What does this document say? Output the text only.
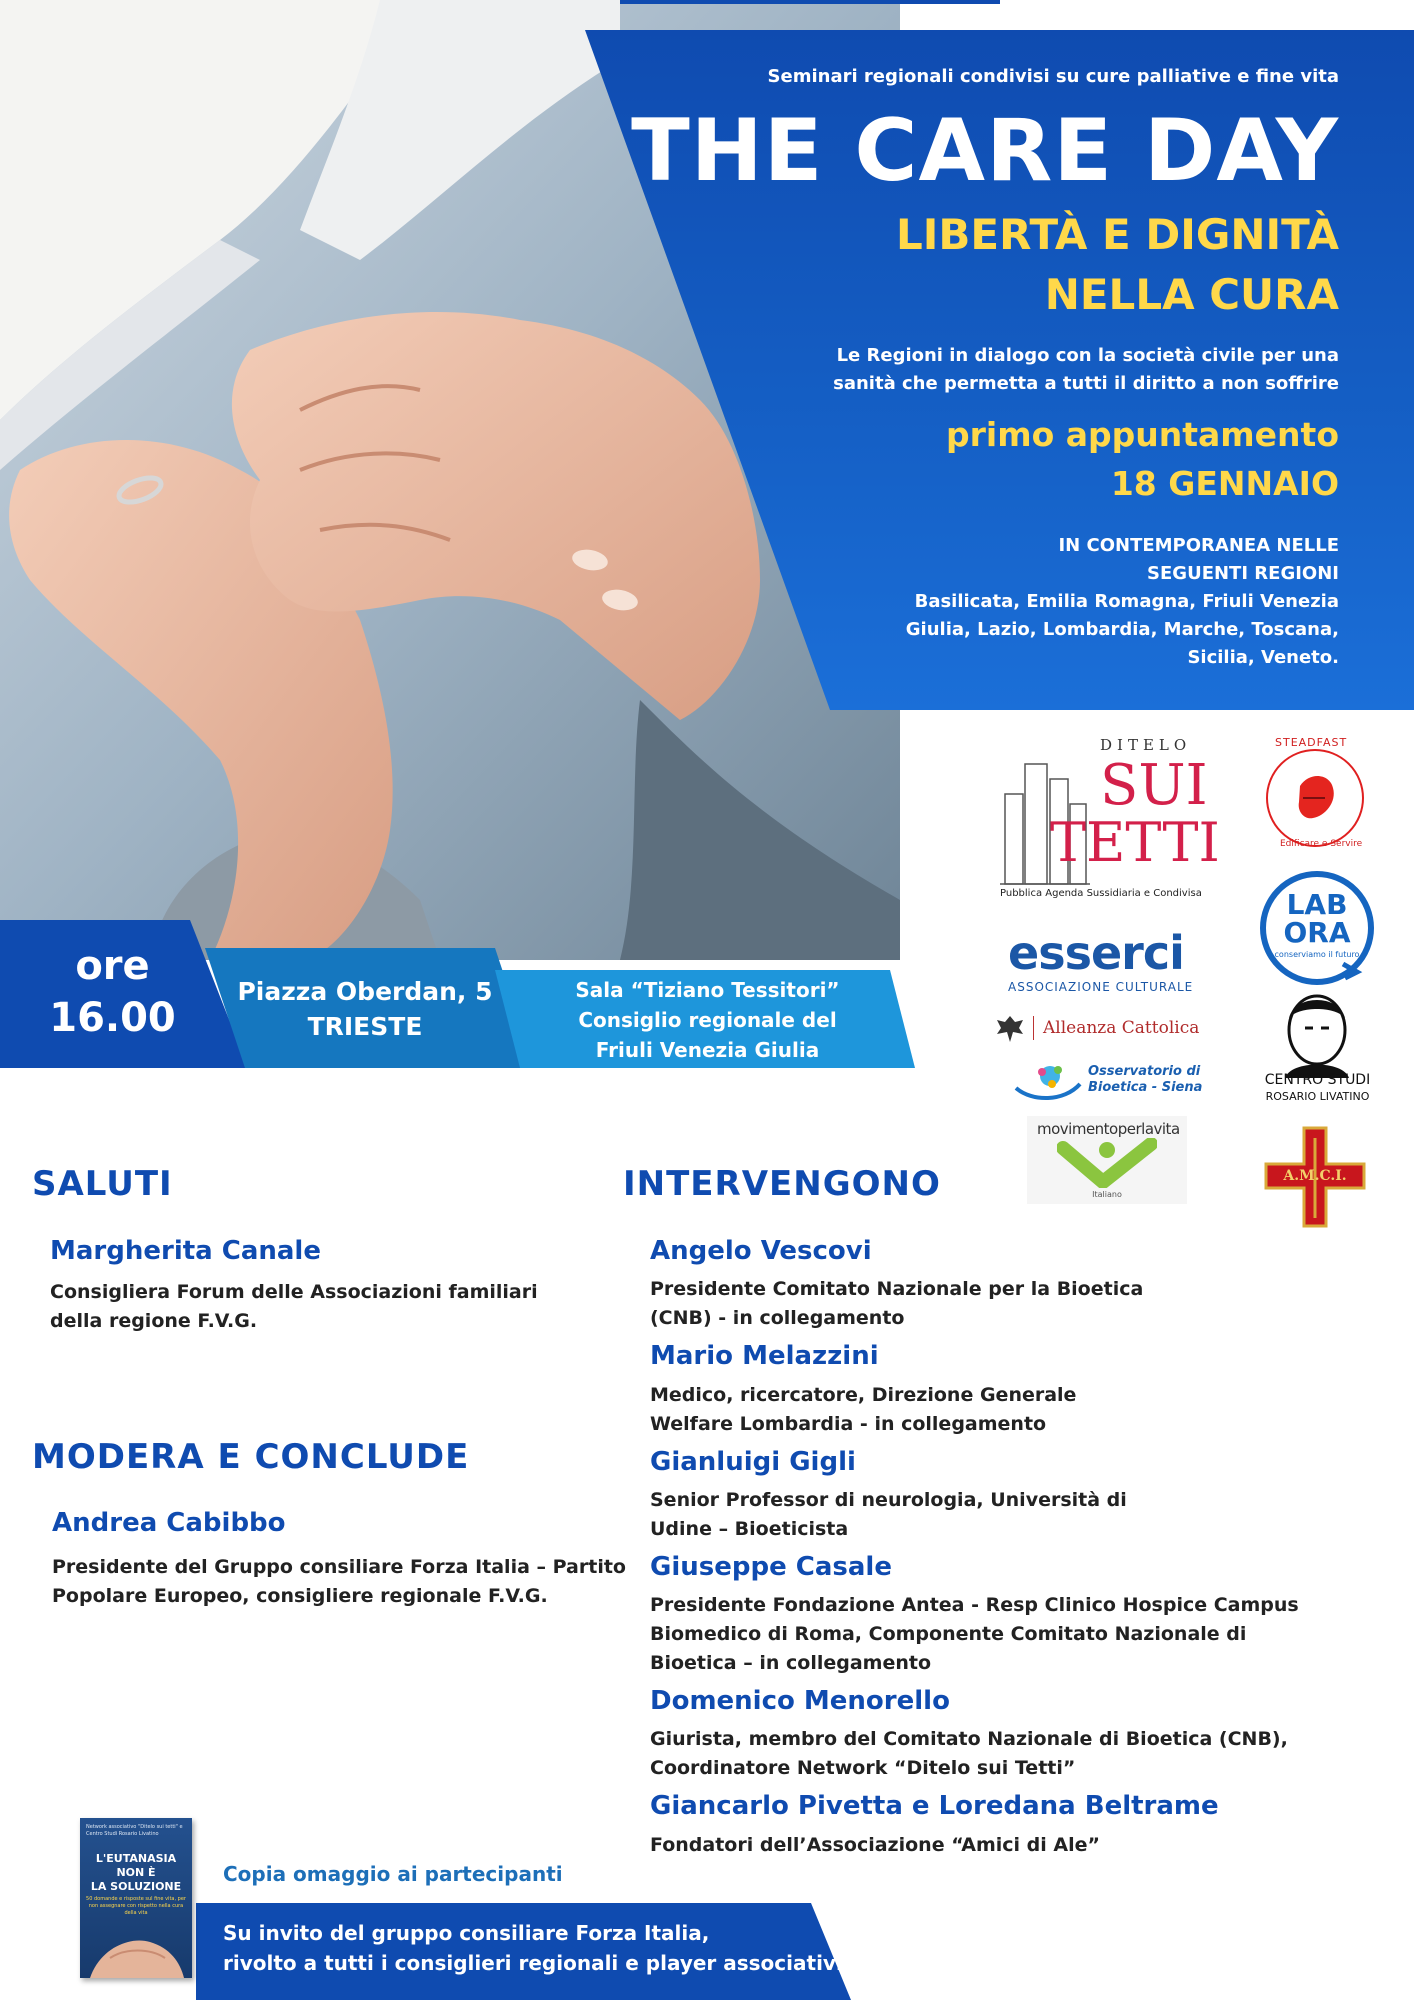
Seminari regionali condivisi su cure palliative e fine vita
THE CARE DAY
LIBERTÀ E DIGNITÀ
NELLA CURA
Le Regioni in dialogo con la società civile per una sanità che permetta a tutti il diritto a non soffrire
primo appuntamento
18 GENNAIO
IN CONTEMPORANEA NELLE SEGUENTI REGIONI
Basilicata, Emilia Romagna, Friuli Venezia Giulia, Lazio, Lombardia, Marche, Toscana, Sicilia, Veneto.
ore
16.00
Piazza Oberdan, 5
TRIESTE
Sala “Tiziano Tessitori”
Consiglio regionale del
Friuli Venezia Giulia
DITELO
SUI
TETTI
Pubblica Agenda Sussidiaria e Condivisa
STEADFAST
Edificare e Servire
LAB
ORA
conserviamo il futuro
esserci
ASSOCIAZIONE CULTURALE
Alleanza Cattolica
CENTRO STUDI
ROSARIO LIVATINO
Osservatorio di
Bioetica - Siena
movimentoperlavita
Italiano
A.M.C.I.
SALUTI
Margherita Canale
Consigliera Forum delle Associazioni familiari
della regione F.V.G.
MODERA E CONCLUDE
Andrea Cabibbo
Presidente del Gruppo consiliare Forza Italia – Partito
Popolare Europeo, consigliere regionale F.V.G.
INTERVENGONO
Angelo Vescovi
Presidente Comitato Nazionale per la Bioetica
(CNB) - in collegamento
Mario Melazzini
Medico, ricercatore, Direzione Generale
Welfare Lombardia - in collegamento
Gianluigi Gigli
Senior Professor di neurologia, Università di
Udine – Bioeticista
Giuseppe Casale
Presidente Fondazione Antea - Resp Clinico Hospice Campus
Biomedico di Roma, Componente Comitato Nazionale di
Bioetica – in collegamento
Domenico Menorello
Giurista, membro del Comitato Nazionale di Bioetica (CNB),
Coordinatore Network “Ditelo sui Tetti”
Giancarlo Pivetta e Loredana Beltrame
Fondatori dell’Associazione “Amici di Ale”
Network associativo "Ditelo sui tetti" e Centro Studi Rosario Livatino
L'EUTANASIA
NON È
LA SOLUZIONE
50 domande e risposte sul fine vita, per non assegnare con rispetto nella cura della vita
Copia omaggio ai partecipanti
Su invito del gruppo consiliare Forza Italia,
rivolto a tutti i consiglieri regionali e player associativi
